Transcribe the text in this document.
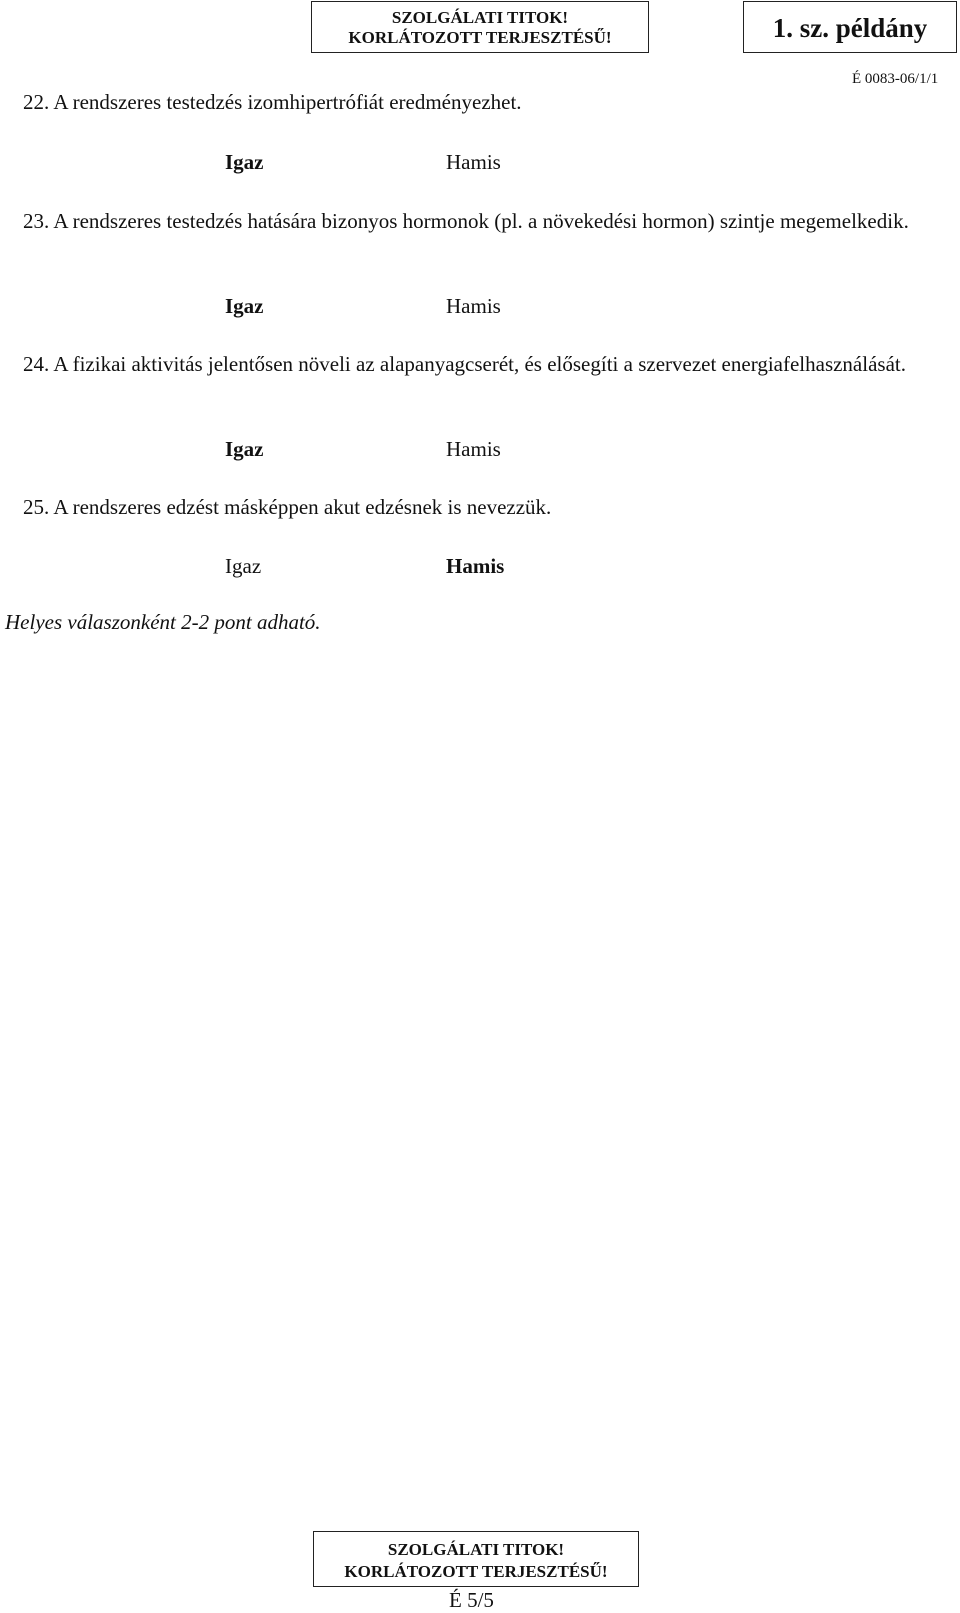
SZOLGÁLATI TITOK!
KORLÁTOZOTT TERJESZTÉSŰ!	1. sz. példány
É 0083-06/1/1
22. A rendszeres testedzés izomhipertrófiát eredményezhet.
Igaz	Hamis
23. A rendszeres testedzés hatására bizonyos hormonok (pl. a növekedési hormon) szintje megemelkedik.
Igaz	Hamis
24. A fizikai aktivitás jelentősen növeli az alapanyagcserét, és elősegíti a szervezet energiafelhasználását.
Igaz	Hamis
25. A rendszeres edzést másképpen akut edzésnek is nevezzük.
Igaz	Hamis
Helyes válaszonként 2-2 pont adható.
SZOLGÁLATI TITOK!
KORLÁTOZOTT TERJESZTÉSŰ!
É 5/5
